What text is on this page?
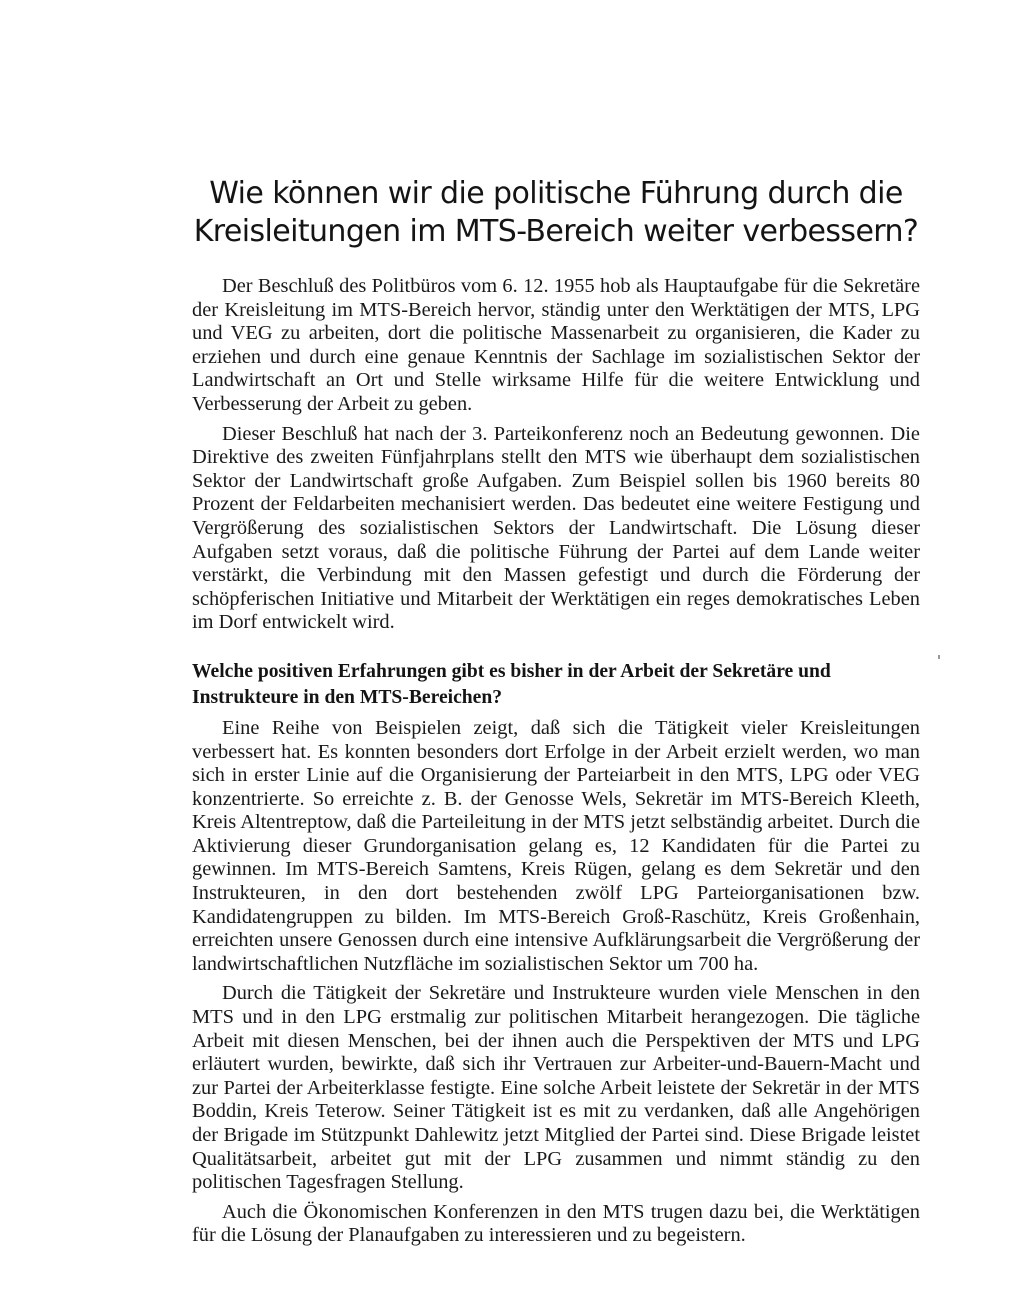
Wie können wir die politische Führung durch die Kreisleitungen im MTS-Bereich weiter verbessern?

Der Beschluß des Politbüros vom 6. 12. 1955 hob als Hauptaufgabe für die Sekretäre der Kreisleitung im MTS-Bereich hervor, ständig unter den Werktätigen der MTS, LPG und VEG zu arbeiten, dort die politische Massenarbeit zu organisieren, die Kader zu erziehen und durch eine genaue Kenntnis der Sachlage im sozialistischen Sektor der Landwirtschaft an Ort und Stelle wirksame Hilfe für die weitere Entwicklung und Verbesserung der Arbeit zu geben.

Dieser Beschluß hat nach der 3. Parteikonferenz noch an Bedeutung gewonnen. Die Direktive des zweiten Fünfjahrplans stellt den MTS wie überhaupt dem sozialistischen Sektor der Landwirtschaft große Aufgaben. Zum Beispiel sollen bis 1960 bereits 80 Prozent der Feldarbeiten mechanisiert werden. Das bedeutet eine weitere Festigung und Vergrößerung des sozialistischen Sektors der Landwirtschaft. Die Lösung dieser Aufgaben setzt voraus, daß die politische Führung der Partei auf dem Lande weiter verstärkt, die Verbindung mit den Massen gefestigt und durch die Förderung der schöpferischen Initiative und Mitarbeit der Werktätigen ein reges demokratisches Leben im Dorf entwickelt wird.

Welche positiven Erfahrungen gibt es bisher in der Arbeit der Sekretäre und Instrukteure in den MTS-Bereichen?

Eine Reihe von Beispielen zeigt, daß sich die Tätigkeit vieler Kreisleitungen verbessert hat. Es konnten besonders dort Erfolge in der Arbeit erzielt werden, wo man sich in erster Linie auf die Organisierung der Parteiarbeit in den MTS, LPG oder VEG konzentrierte. So erreichte z. B. der Genosse Wels, Sekretär im MTS-Bereich Kleeth, Kreis Altentreptow, daß die Parteileitung in der MTS jetzt selbständig arbeitet. Durch die Aktivierung dieser Grundorganisation gelang es, 12 Kandidaten für die Partei zu gewinnen. Im MTS-Bereich Samtens, Kreis Rügen, gelang es dem Sekretär und den Instrukteuren, in den dort bestehenden zwölf LPG Parteiorganisationen bzw. Kandidatengruppen zu bilden. Im MTS-Bereich Groß-Raschütz, Kreis Großenhain, erreichten unsere Genossen durch eine intensive Aufklärungsarbeit die Vergrößerung der landwirtschaftlichen Nutzfläche im sozialistischen Sektor um 700 ha.

Durch die Tätigkeit der Sekretäre und Instrukteure wurden viele Menschen in den MTS und in den LPG erstmalig zur politischen Mitarbeit herangezogen. Die tägliche Arbeit mit diesen Menschen, bei der ihnen auch die Perspektiven der MTS und LPG erläutert wurden, bewirkte, daß sich ihr Vertrauen zur Arbeiter-und-Bauern-Macht und zur Partei der Arbeiterklasse festigte. Eine solche Arbeit leistete der Sekretär in der MTS Boddin, Kreis Teterow. Seiner Tätigkeit ist es mit zu verdanken, daß alle Angehörigen der Brigade im Stützpunkt Dahlewitz jetzt Mitglied der Partei sind. Diese Brigade leistet Qualitätsarbeit, arbeitet gut mit der LPG zusammen und nimmt ständig zu den politischen Tagesfragen Stellung.

Auch die Ökonomischen Konferenzen in den MTS trugen dazu bei, die Werktätigen für die Lösung der Planaufgaben zu interessieren und zu begeistern.
